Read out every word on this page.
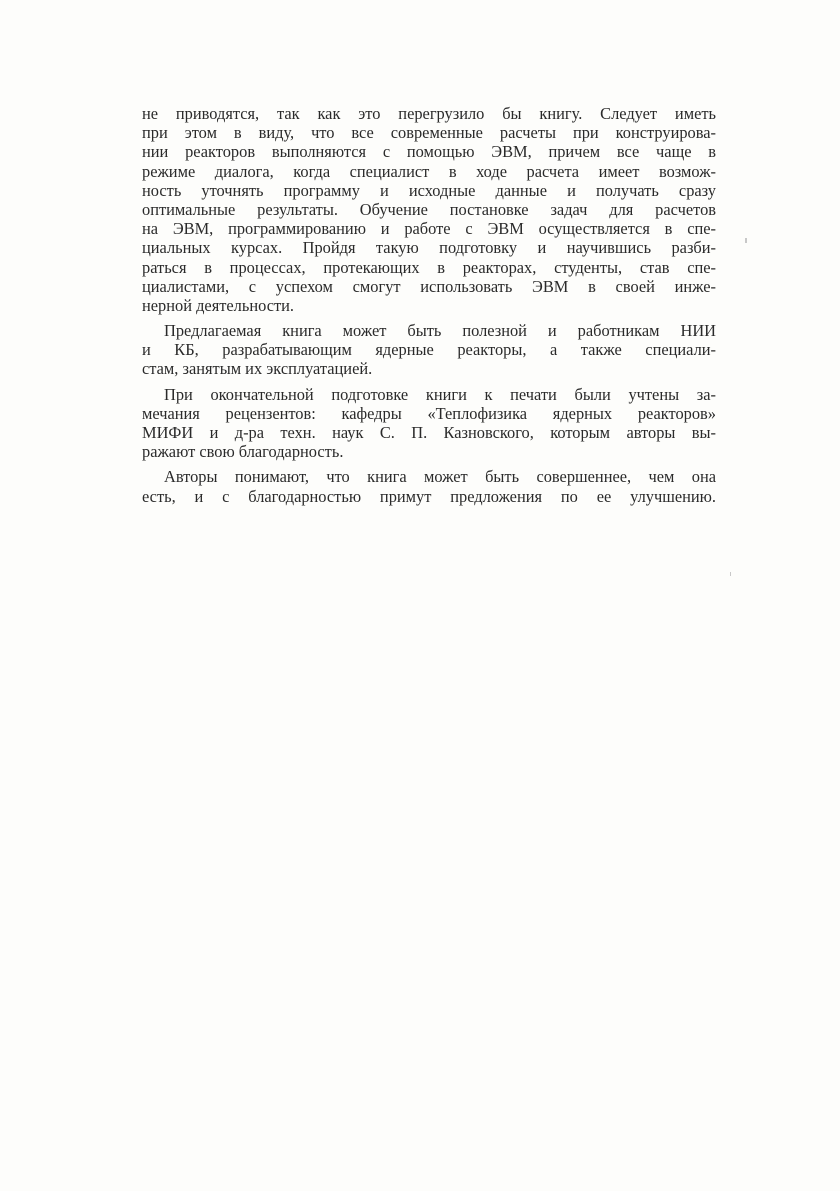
не приводятся, так как это перегрузило бы книгу. Следует иметь
при этом в виду, что все современные расчеты при конструирова-
нии реакторов выполняются с помощью ЭВМ, причем все чаще в
режиме диалога, когда специалист в ходе расчета имеет возмож-
ность уточнять программу и исходные данные и получать сразу
оптимальные результаты. Обучение постановке задач для расчетов
на ЭВМ, программированию и работе с ЭВМ осуществляется в спе-
циальных курсах. Пройдя такую подготовку и научившись разби-
раться в процессах, протекающих в реакторах, студенты, став спе-
циалистами, с успехом смогут использовать ЭВМ в своей инже-
нерной деятельности.
Предлагаемая книга может быть полезной и работникам НИИ
и КБ, разрабатывающим ядерные реакторы, а также специали-
стам, занятым их эксплуатацией.
При окончательной подготовке книги к печати были учтены за-
мечания рецензентов: кафедры «Теплофизика ядерных реакторов»
МИФИ и д-ра техн. наук С. П. Казновского, которым авторы вы-
ражают свою благодарность.
Авторы понимают, что книга может быть совершеннее, чем она
есть, и с благодарностью примут предложения по ее улучшению.
